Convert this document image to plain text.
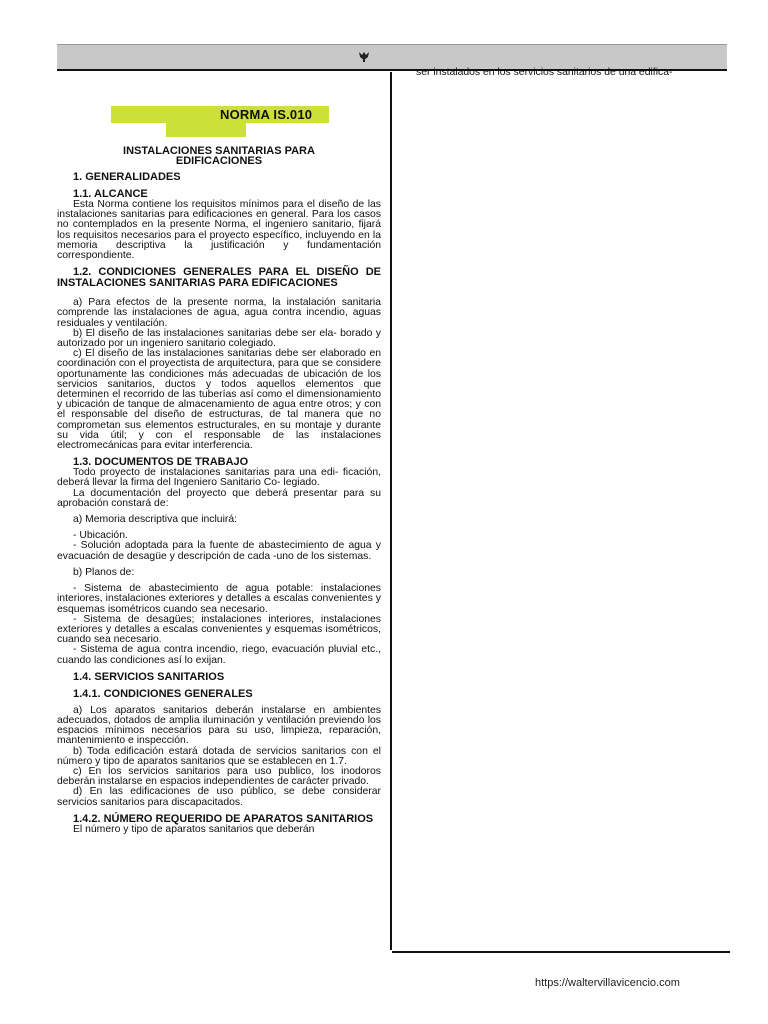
NORMA IS.010
INSTALACIONES SANITARIAS PARA
EDIFICACIONES
1. GENERALIDADES
1.1. ALCANCE
Esta Norma contiene los requisitos mínimos para el diseño de las instalaciones sanitarias para edificaciones en general. Para los casos no contemplados en la presente Norma, el ingeniero sanitario, fijará los requisitos necesarios para el proyecto específico, incluyendo en la memoria descriptiva la justificación y fundamentación correspondiente.
1.2. CONDICIONES GENERALES PARA EL DISEÑO DE INSTALACIONES SANITARIAS PARA EDIFICACIONES
a) Para efectos de la presente norma, la instalación sanitaria comprende las instalaciones de agua, agua contra incendio, aguas residuales y ventilación.
b) El diseño de las instalaciones sanitarias debe ser ela- borado y autorizado por un ingeniero sanitario colegiado.
c) El diseño de las instalaciones sanitarias debe ser elaborado en coordinación con el proyectista de arquitectura, para que se considere oportunamente las condiciones más adecuadas de ubicación de los servicios sanitarios, ductos y todos aquellos elementos que determinen el recorrido de las tuberías así como el dimensionamiento y ubicación de tanque de almacenamiento de agua entre otros; y con el responsable del diseño de estructuras, de tal manera que no comprometan sus elementos estructurales, en su montaje y durante su vida útil; y con el responsable de las instalaciones electromecánicas para evitar interferencia.
1.3. DOCUMENTOS DE TRABAJO
Todo proyecto de instalaciones sanitarias para una edi- ficación, deberá llevar la firma del Ingeniero Sanitario Co- legiado.
La documentación del proyecto que deberá presentar para su aprobación constará de:
a) Memoria descriptiva que incluirá:
- Ubicación.
- Solución adoptada para la fuente de abastecimiento de agua y evacuación de desagüe y descripción de cada -uno de los sistemas.
b) Planos de:
- Sistema de abastecimiento de agua potable: instalaciones interiores, instalaciones exteriores y detalles a escalas convenientes y esquemas isométricos cuando sea necesario.
- Sistema de desagües; instalaciones interiores, instalaciones exteriores y detalles a escalas convenientes y esquemas isométricos, cuando sea necesario.
- Sistema de agua contra incendio, riego, evacuación pluvial etc., cuando las condiciones así lo exijan.
1.4. SERVICIOS SANITARIOS
1.4.1. CONDICIONES GENERALES
a) Los aparatos sanitarios deberán instalarse en ambientes adecuados, dotados de amplia iluminación y ventilación previendo los espacios mínimos necesarios para su uso, limpieza, reparación, mantenimiento e inspección.
b) Toda edificación estará dotada de servicios sanitarios con el número y tipo de aparatos sanitarios que se establecen en 1.7.
c) En los servicios sanitarios para uso publico, los inodoros deberán instalarse en espacios independientes de carácter privado.
d) En las edificaciones de uso público, se debe considerar servicios sanitarios para discapacitados.
1.4.2. NÚMERO REQUERIDO DE APARATOS SANITARIOS
El número y tipo de aparatos sanitarios que deberán
ser instalados en los servicios sanitarios de una edifica-
https://waltervillavicencio.com
